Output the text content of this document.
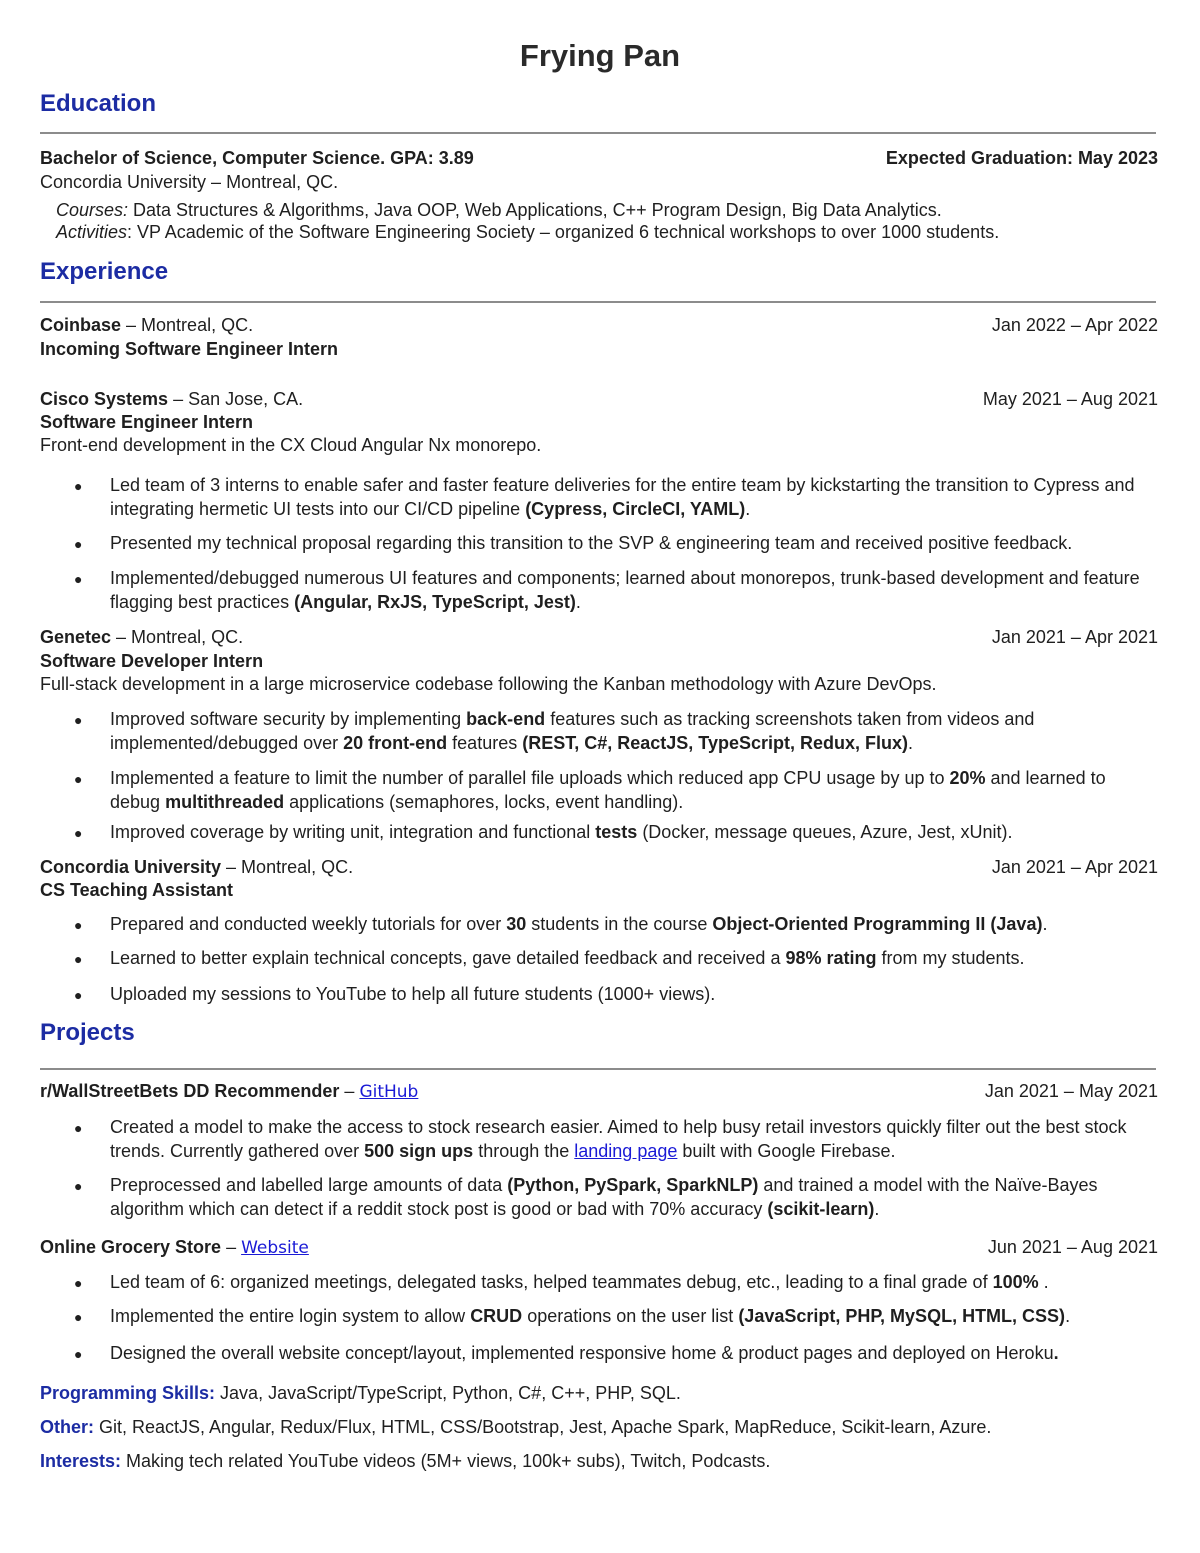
Frying Pan
Education
Bachelor of Science, Computer Science. GPA: 3.89	Expected Graduation: May 2023
Concordia University – Montreal, QC.
Courses: Data Structures & Algorithms, Java OOP, Web Applications, C++ Program Design, Big Data Analytics.
Activities: VP Academic of the Software Engineering Society – organized 6 technical workshops to over 1000 students.
Experience
Coinbase – Montreal, QC.	Jan 2022 – Apr 2022
Incoming Software Engineer Intern
Cisco Systems – San Jose, CA.	May 2021 – Aug 2021
Software Engineer Intern
Front-end development in the CX Cloud Angular Nx monorepo.
● Led team of 3 interns to enable safer and faster feature deliveries for the entire team by kickstarting the transition to Cypress and integrating hermetic UI tests into our CI/CD pipeline (Cypress, CircleCI, YAML).
● Presented my technical proposal regarding this transition to the SVP & engineering team and received positive feedback.
● Implemented/debugged numerous UI features and components; learned about monorepos, trunk-based development and feature flagging best practices (Angular, RxJS, TypeScript, Jest).
Genetec – Montreal, QC.	Jan 2021 – Apr 2021
Software Developer Intern
Full-stack development in a large microservice codebase following the Kanban methodology with Azure DevOps.
● Improved software security by implementing back-end features such as tracking screenshots taken from videos and implemented/debugged over 20 front-end features (REST, C#, ReactJS, TypeScript, Redux, Flux).
● Implemented a feature to limit the number of parallel file uploads which reduced app CPU usage by up to 20% and learned to debug multithreaded applications (semaphores, locks, event handling).
● Improved coverage by writing unit, integration and functional tests (Docker, message queues, Azure, Jest, xUnit).
Concordia University – Montreal, QC.	Jan 2021 – Apr 2021
CS Teaching Assistant
● Prepared and conducted weekly tutorials for over 30 students in the course Object-Oriented Programming II (Java).
● Learned to better explain technical concepts, gave detailed feedback and received a 98% rating from my students.
● Uploaded my sessions to YouTube to help all future students (1000+ views).
Projects
r/WallStreetBets DD Recommender – GitHub	Jan 2021 – May 2021
● Created a model to make the access to stock research easier. Aimed to help busy retail investors quickly filter out the best stock trends. Currently gathered over 500 sign ups through the landing page built with Google Firebase.
● Preprocessed and labelled large amounts of data (Python, PySpark, SparkNLP) and trained a model with the Naïve-Bayes algorithm which can detect if a reddit stock post is good or bad with 70% accuracy (scikit-learn).
Online Grocery Store – Website	Jun 2021 – Aug 2021
● Led team of 6: organized meetings, delegated tasks, helped teammates debug, etc., leading to a final grade of 100% .
● Implemented the entire login system to allow CRUD operations on the user list (JavaScript, PHP, MySQL, HTML, CSS).
● Designed the overall website concept/layout, implemented responsive home & product pages and deployed on Heroku.
Programming Skills: Java, JavaScript/TypeScript, Python, C#, C++, PHP, SQL.
Other: Git, ReactJS, Angular, Redux/Flux, HTML, CSS/Bootstrap, Jest, Apache Spark, MapReduce, Scikit-learn, Azure.
Interests: Making tech related YouTube videos (5M+ views, 100k+ subs), Twitch, Podcasts.
